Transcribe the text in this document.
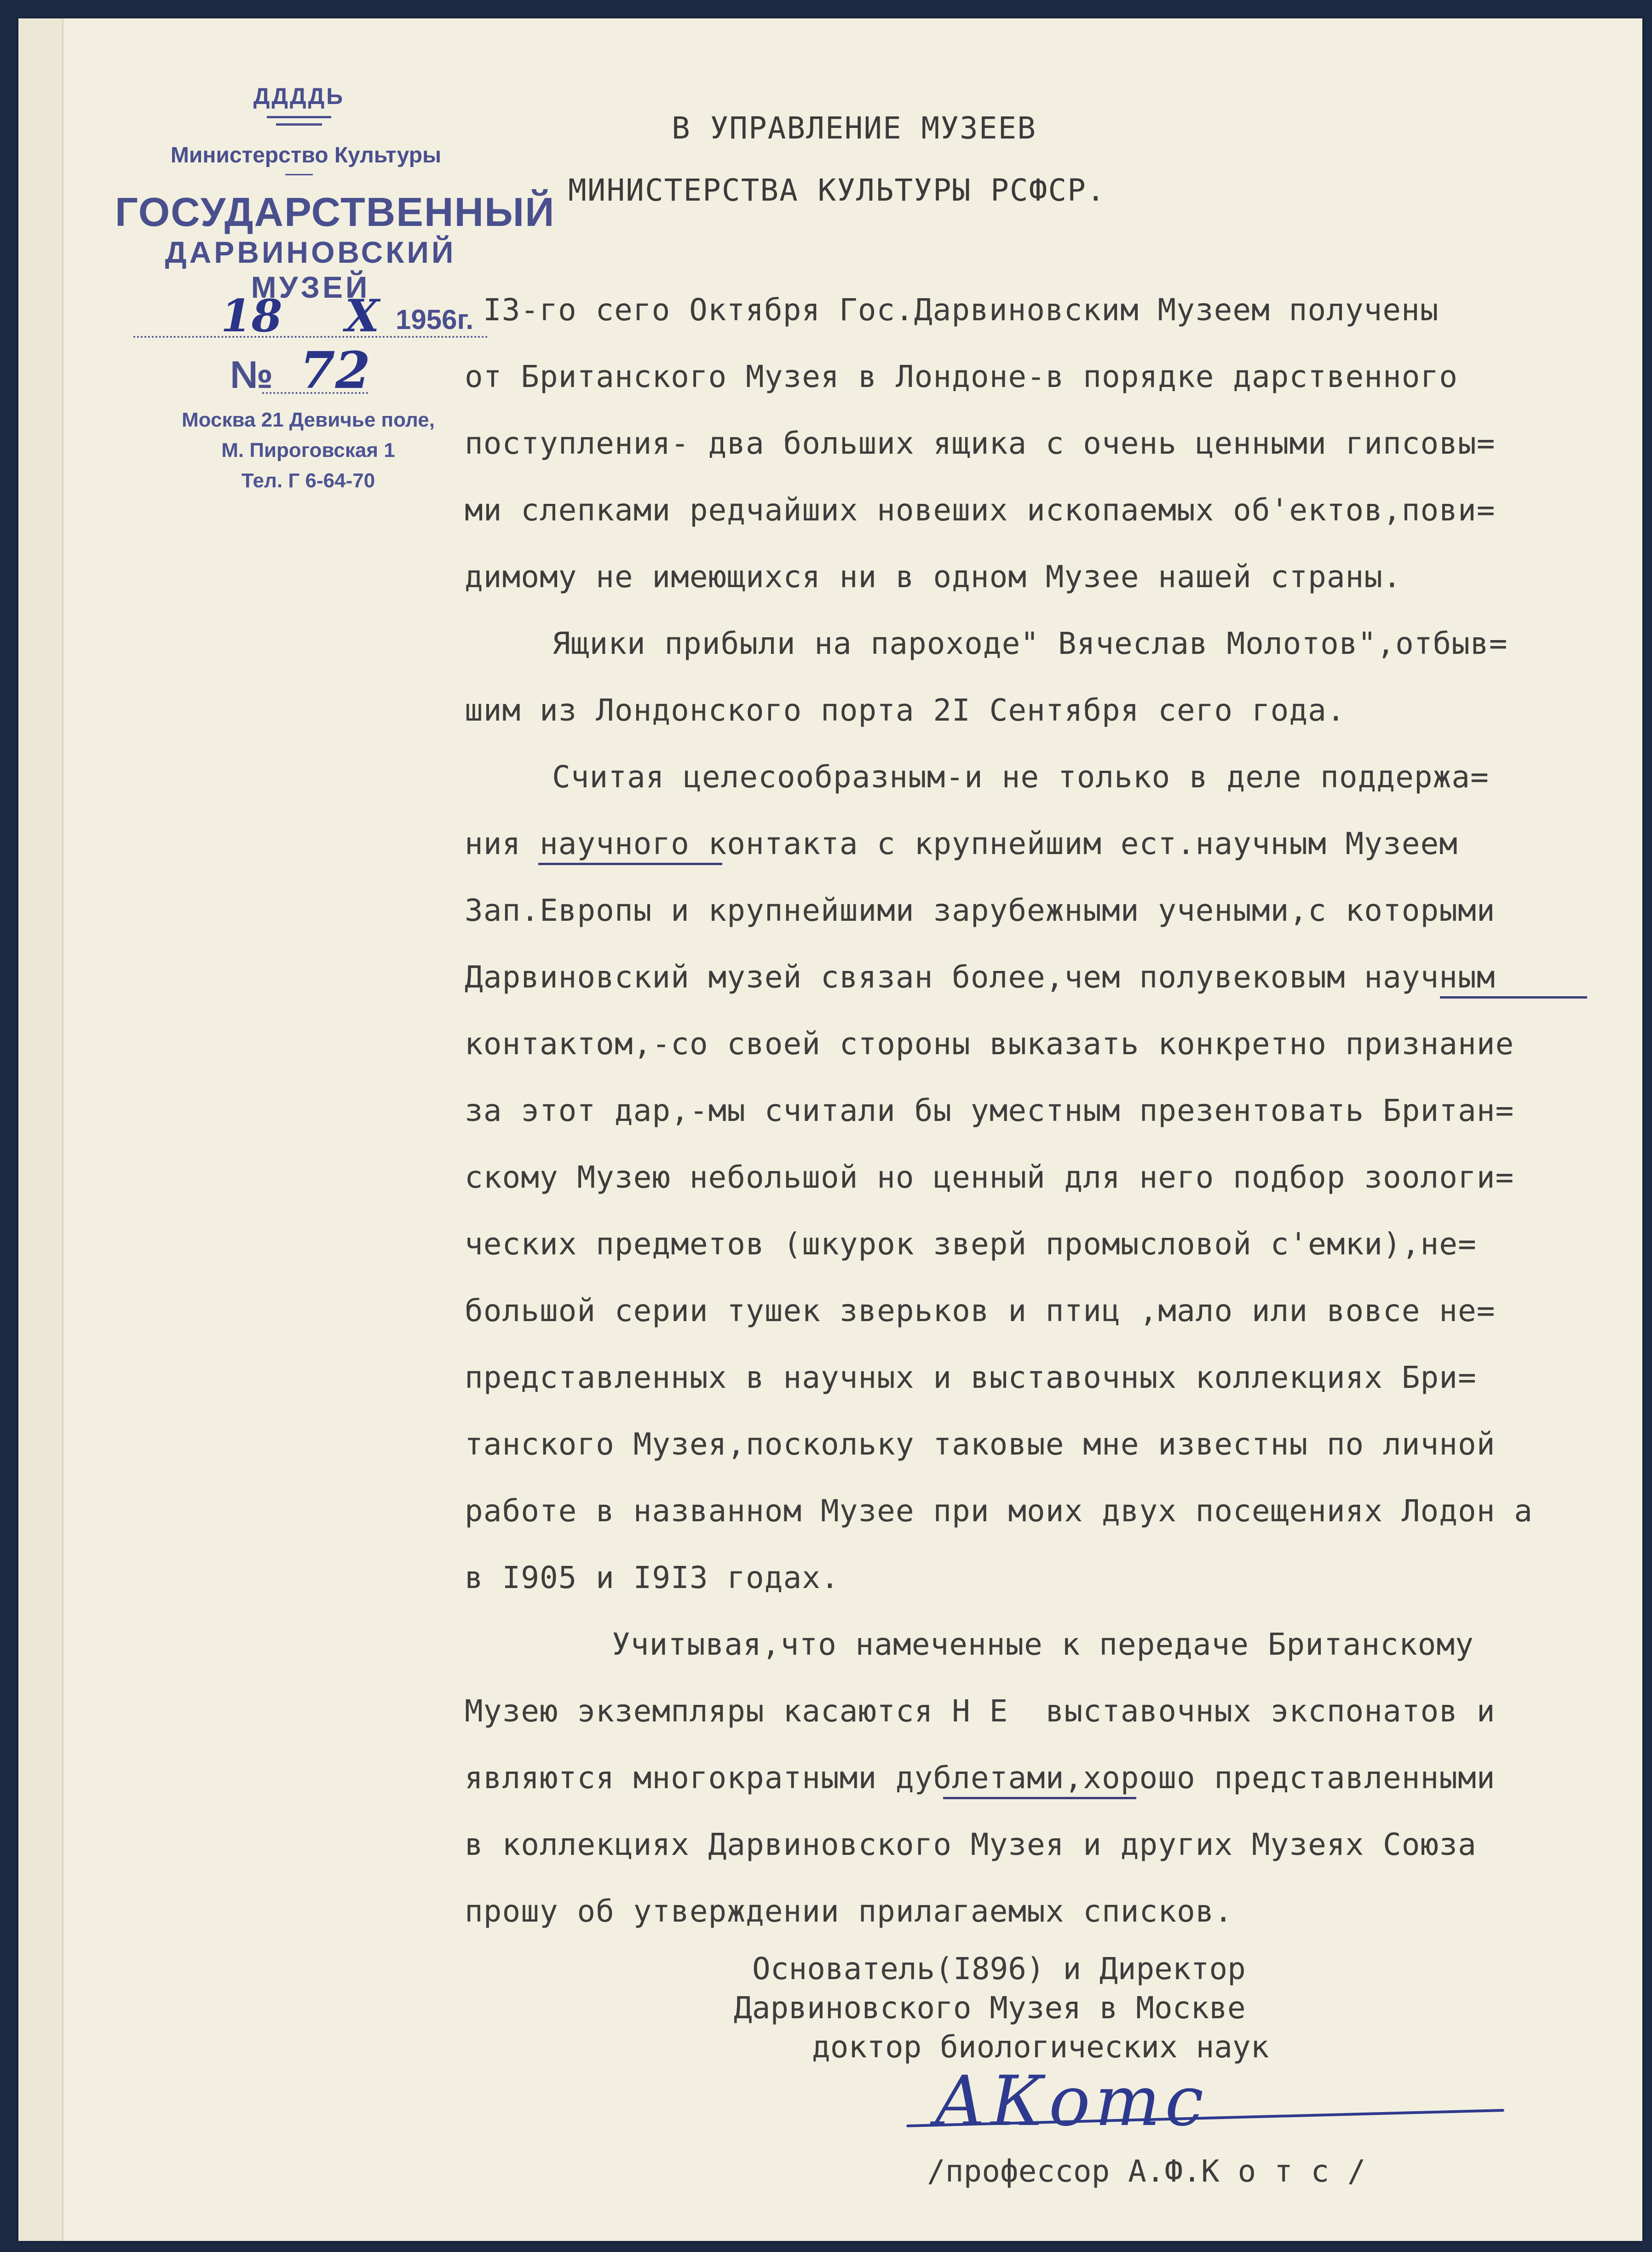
ДДДДЬ
Министерство Культуры
ГОСУДАРСТВЕННЫЙ
ДАРВИНОВСКИЙ МУЗЕЙ
18 X 1956г.
№ 72
Москва 21 Девичье поле,
М. Пироговская 1
Тел. Г 6-64-70
В УПРАВЛЕНИЕ МУЗЕЕВ
МИНИСТЕРСТВА КУЛЬТУРЫ РСФСР.
I3-го сего Октября Гос.Дарвиновским Музеем получены
от Британского Музея в Лондоне-в порядке дарственного
поступления- два больших ящика с очень ценными гипсовы=
ми слепками редчайших новеших ископаемых об'ектов,пови=
димому не имеющихся ни в одном Музее нашей страны.
Ящики прибыли на пароходе" Вячеслав Молотов",отбыв=
шим из Лондонского порта 2I Сентября сего года.
Считая целесообразным-и не только в деле поддержа=
ния научного контакта с крупнейшим ест.научным Музеем
Зап.Европы и крупнейшими зарубежными учеными,с которыми
Дарвиновский музей связан более,чем полувековым научным
контактом,-со своей стороны выказать конкретно признание
за этот дар,-мы считали бы уместным презентовать Британ=
скому Музею небольшой но ценный для него подбор зоологи=
ческих предметов (шкурок зверй промысловой с'емки),не=
большой серии тушек зверьков и птиц ,мало или вовсе не=
представленных в научных и выставочных коллекциях Бри=
танского Музея,поскольку таковые мне известны по личной
работе в названном Музее при моих двух посещениях Лодон а
в I905 и I9I3 годах.
Учитывая,что намеченные к передаче Британскому
Музею экземпляры касаются Н Е  выставочных экспонатов и
являются многократными дублетами,хорошо представленными
в коллекциях Дарвиновского Музея и других Музеях Союза
прошу об утверждении прилагаемых списков.
Основатель(I896) и Директор
Дарвиновского Музея в Москве
доктор биологических наук
АКотс
/профессор А.Ф.К о т с /
